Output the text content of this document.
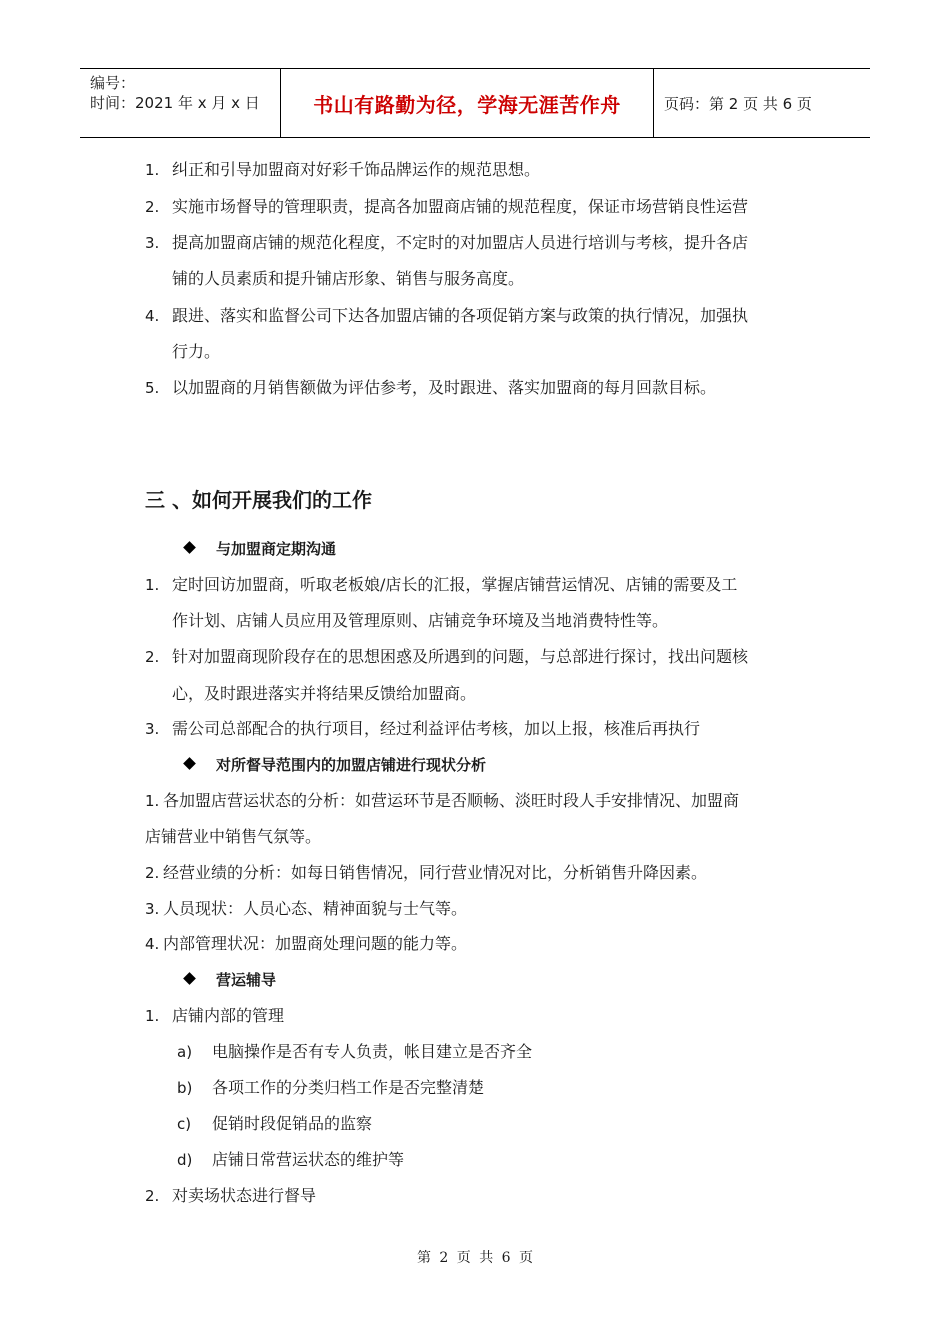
编号：
时间：2021 年 x 月 x 日	书山有路勤为径，学海无涯苦作舟	页码：第 2 页 共 6 页
1. 纠正和引导加盟商对好彩千饰品牌运作的规范思想。
2. 实施市场督导的管理职责，提高各加盟商店铺的规范程度，保证市场营销良性运营
3. 提高加盟商店铺的规范化程度，不定时的对加盟店人员进行培训与考核，提升各店
铺的人员素质和提升铺店形象、销售与服务高度。
4. 跟进、落实和监督公司下达各加盟店铺的各项促销方案与政策的执行情况，加强执
行力。
5. 以加盟商的月销售额做为评估参考，及时跟进、落实加盟商的每月回款目标。
三 、如何开展我们的工作
与加盟商定期沟通
1. 定时回访加盟商，听取老板娘/店长的汇报，掌握店铺营运情况、店铺的需要及工
作计划、店铺人员应用及管理原则、店铺竞争环境及当地消费特性等。
2. 针对加盟商现阶段存在的思想困惑及所遇到的问题，与总部进行探讨，找出问题核
心，及时跟进落实并将结果反馈给加盟商。
3. 需公司总部配合的执行项目，经过利益评估考核，加以上报，核准后再执行
对所督导范围内的加盟店铺进行现状分析
1. 各加盟店营运状态的分析：如营运环节是否顺畅、淡旺时段人手安排情况、加盟商
店铺营业中销售气氛等。
2. 经营业绩的分析：如每日销售情况，同行营业情况对比，分析销售升降因素。
3. 人员现状：人员心态、精神面貌与士气等。
4. 内部管理状况：加盟商处理问题的能力等。
营运辅导
1. 店铺内部的管理
a) 电脑操作是否有专人负责，帐目建立是否齐全
b) 各项工作的分类归档工作是否完整清楚
c) 促销时段促销品的监察
d) 店铺日常营运状态的维护等
2. 对卖场状态进行督导
第 2 页 共 6 页
